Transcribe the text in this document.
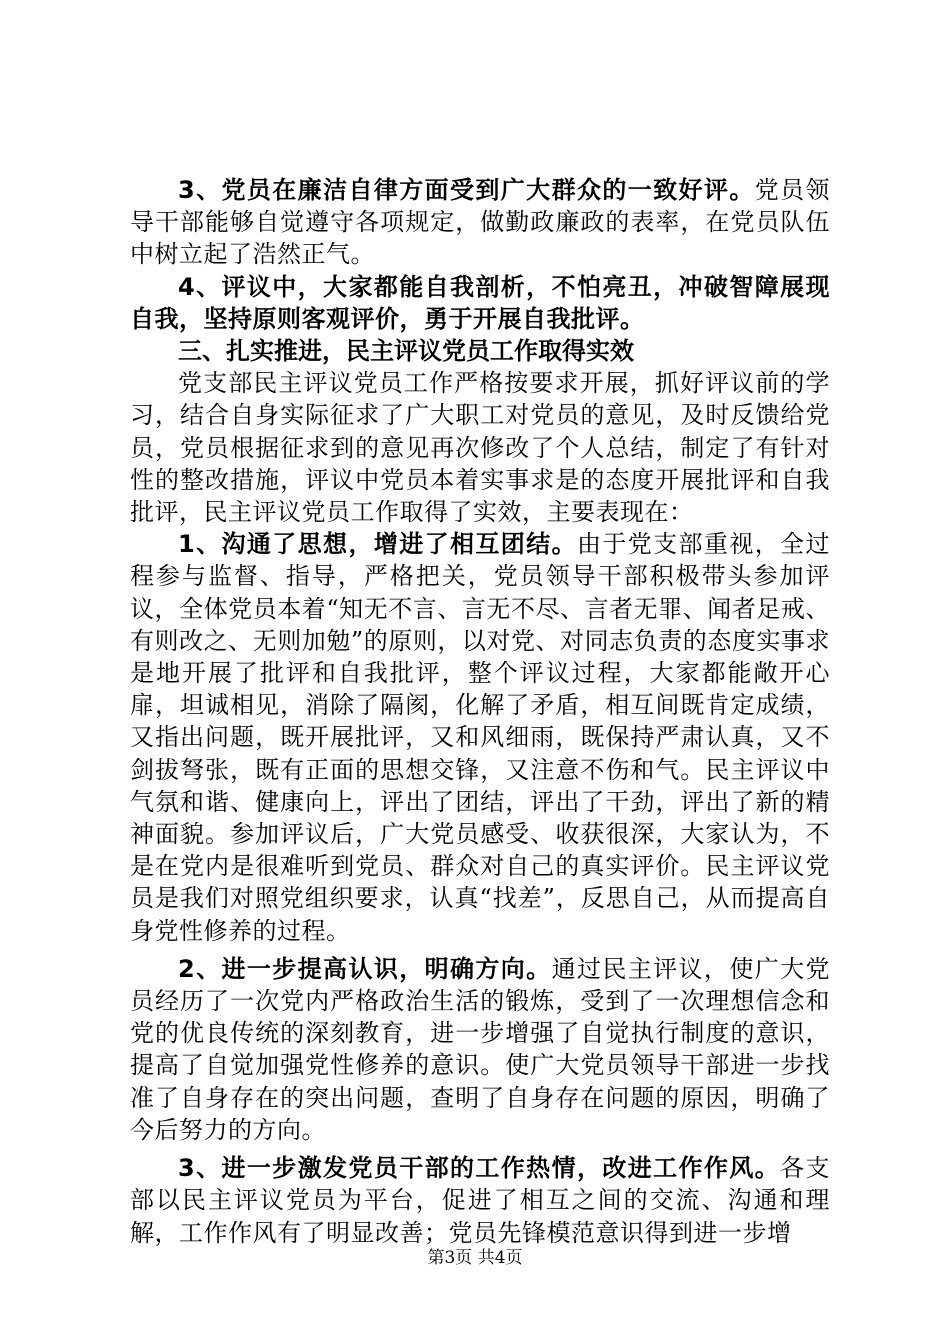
3、党员在廉洁自律方面受到广大群众的一致好评。党员领导干部能够自觉遵守各项规定，做勤政廉政的表率，在党员队伍中树立起了浩然正气。

4、评议中，大家都能自我剖析，不怕亮丑，冲破智障展现自我，坚持原则客观评价，勇于开展自我批评。

三、扎实推进，民主评议党员工作取得实效

党支部民主评议党员工作严格按要求开展，抓好评议前的学习，结合自身实际征求了广大职工对党员的意见，及时反馈给党员，党员根据征求到的意见再次修改了个人总结，制定了有针对性的整改措施，评议中党员本着实事求是的态度开展批评和自我批评，民主评议党员工作取得了实效，主要表现在：

1、沟通了思想，增进了相互团结。由于党支部重视，全过程参与监督、指导，严格把关，党员领导干部积极带头参加评议，全体党员本着“知无不言、言无不尽、言者无罪、闻者足戒、有则改之、无则加勉”的原则，以对党、对同志负责的态度实事求是地开展了批评和自我批评，整个评议过程，大家都能敞开心扉，坦诚相见，消除了隔阂，化解了矛盾，相互间既肯定成绩，又指出问题，既开展批评，又和风细雨，既保持严肃认真，又不剑拔弩张，既有正面的思想交锋，又注意不伤和气。民主评议中气氛和谐、健康向上，评出了团结，评出了干劲，评出了新的精神面貌。参加评议后，广大党员感受、收获很深，大家认为，不是在党内是很难听到党员、群众对自己的真实评价。民主评议党员是我们对照党组织要求，认真“找差”，反思自己，从而提高自身党性修养的过程。

2、进一步提高认识，明确方向。通过民主评议，使广大党员经历了一次党内严格政治生活的锻炼，受到了一次理想信念和党的优良传统的深刻教育，进一步增强了自觉执行制度的意识，提高了自觉加强党性修养的意识。使广大党员领导干部进一步找准了自身存在的突出问题，查明了自身存在问题的原因，明确了今后努力的方向。

3、进一步激发党员干部的工作热情，改进工作作风。各支部以民主评议党员为平台，促进了相互之间的交流、沟通和理解，工作作风有了明显改善；党员先锋模范意识得到进一步增

第3页 共4页
